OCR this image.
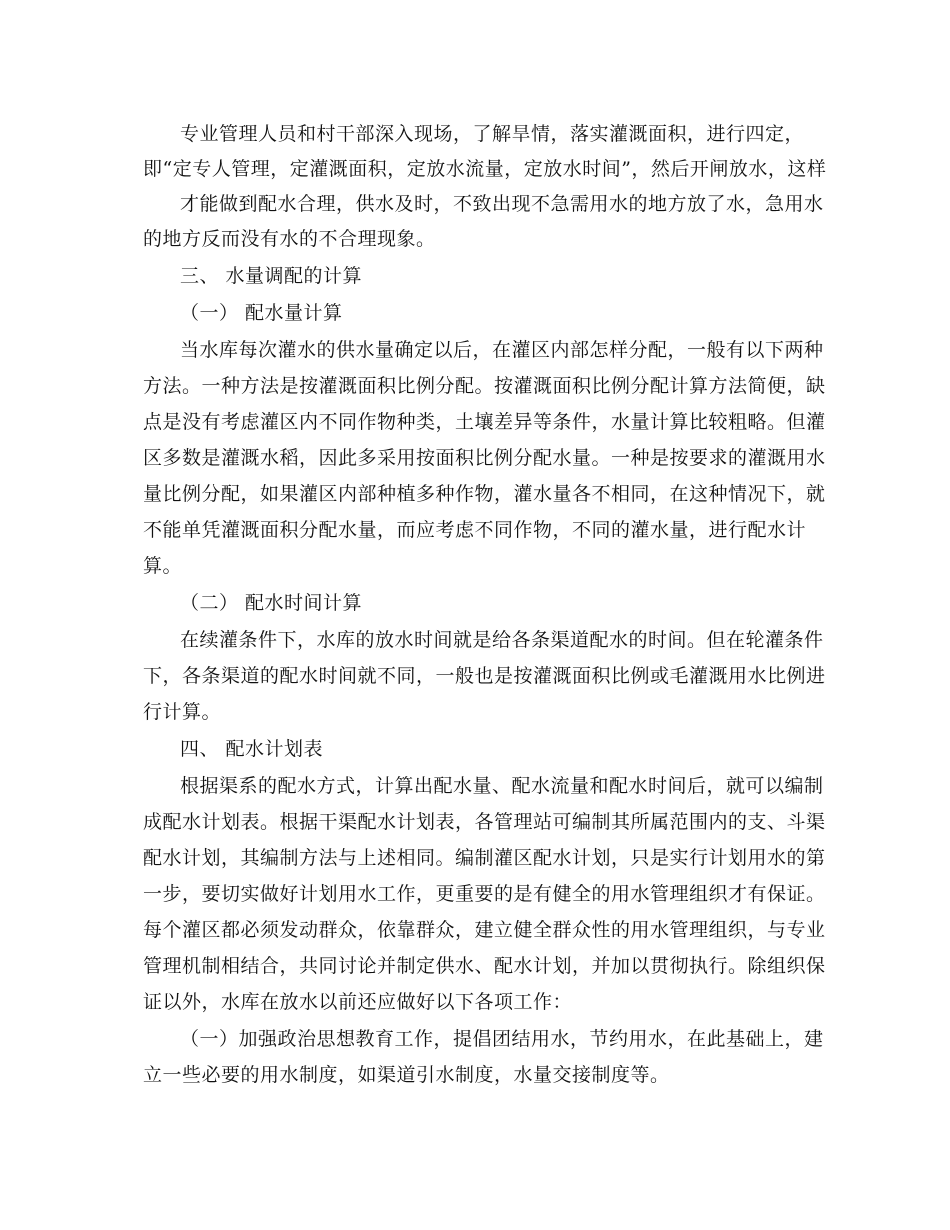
专业管理人员和村干部深入现场，了解旱情，落实灌溉面积，进行四定，
即“定专人管理，定灌溉面积，定放水流量，定放水时间”，然后开闸放水，这样
才能做到配水合理，供水及时，不致出现不急需用水的地方放了水，急用水
的地方反而没有水的不合理现象。
三、 水量调配的计算
（一） 配水量计算
当水库每次灌水的供水量确定以后，在灌区内部怎样分配，一般有以下两种
方法。一种方法是按灌溉面积比例分配。按灌溉面积比例分配计算方法简便，缺
点是没有考虑灌区内不同作物种类，土壤差异等条件，水量计算比较粗略。但灌
区多数是灌溉水稻，因此多采用按面积比例分配水量。一种是按要求的灌溉用水
量比例分配，如果灌区内部种植多种作物，灌水量各不相同，在这种情况下，就
不能单凭灌溉面积分配水量，而应考虑不同作物，不同的灌水量，进行配水计
算。
（二） 配水时间计算
在续灌条件下，水库的放水时间就是给各条渠道配水的时间。但在轮灌条件
下，各条渠道的配水时间就不同，一般也是按灌溉面积比例或毛灌溉用水比例进
行计算。
四、 配水计划表
根据渠系的配水方式，计算出配水量、配水流量和配水时间后，就可以编制
成配水计划表。根据干渠配水计划表，各管理站可编制其所属范围内的支、斗渠
配水计划，其编制方法与上述相同。编制灌区配水计划，只是实行计划用水的第
一步，要切实做好计划用水工作，更重要的是有健全的用水管理组织才有保证。
每个灌区都必须发动群众，依靠群众，建立健全群众性的用水管理组织，与专业
管理机制相结合，共同讨论并制定供水、配水计划，并加以贯彻执行。除组织保
证以外，水库在放水以前还应做好以下各项工作：
（一）加强政治思想教育工作，提倡团结用水，节约用水，在此基础上，建
立一些必要的用水制度，如渠道引水制度，水量交接制度等。
